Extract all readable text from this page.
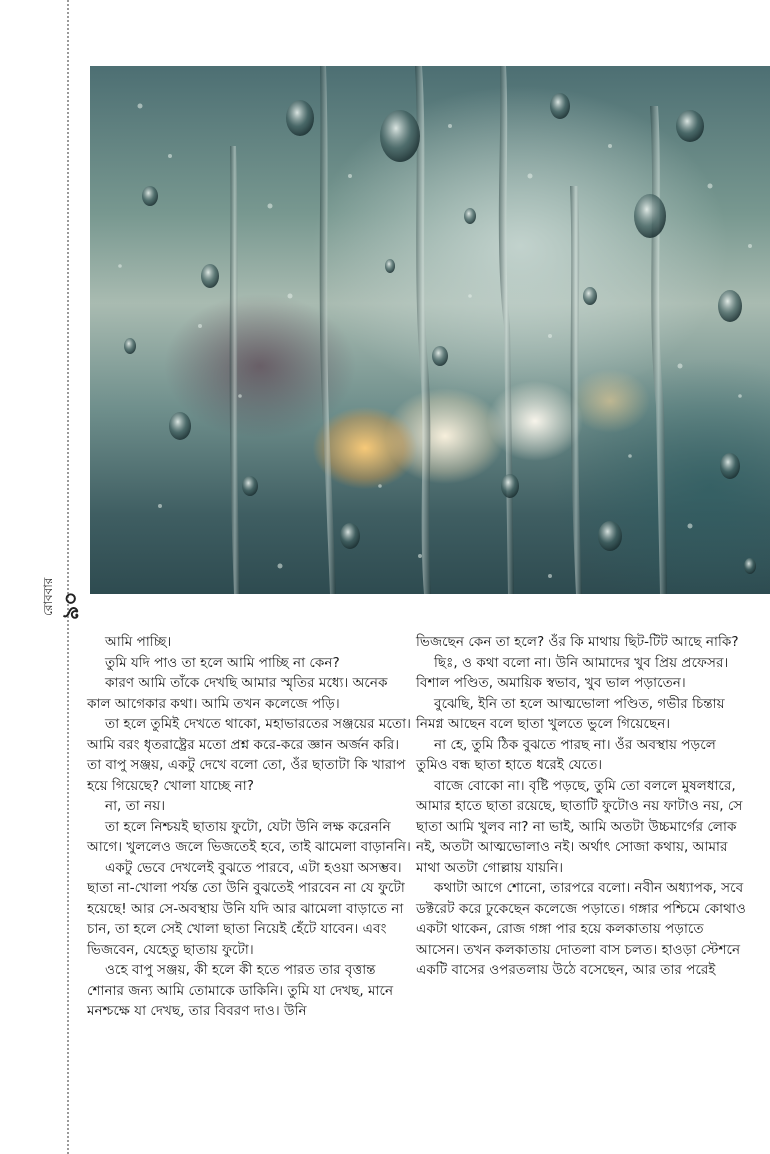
রোববার ৯০

আমি পাচ্ছি।

তুমি যদি পাও তা হলে আমি পাচ্ছি না কেন?

কারণ আমি তাঁকে দেখছি আমার স্মৃতির মধ্যে। অনেক কাল আগেকার কথা। আমি তখন কলেজে পড়ি।

তা হলে তুমিই দেখতে থাকো, মহাভারতের সঞ্জয়ের মতো। আমি বরং ধৃতরাষ্ট্রের মতো প্রশ্ন করে-করে জ্ঞান অর্জন করি। তা বাপু সঞ্জয়, একটু দেখে বলো তো, ওঁর ছাতাটা কি খারাপ হয়ে গিয়েছে? খোলা যাচ্ছে না?

না, তা নয়।

তা হলে নিশ্চয়ই ছাতায় ফুটো, যেটা উনি লক্ষ করেননি আগে। খুললেও জলে ভিজতেই হবে, তাই ঝামেলা বাড়াননি।

একটু ভেবে দেখলেই বুঝতে পারবে, এটা হওয়া অসম্ভব। ছাতা না-খোলা পর্যন্ত তো উনি বুঝতেই পারবেন না যে ফুটো হয়েছে! আর সে-অবস্থায় উনি যদি আর ঝামেলা বাড়াতে না চান, তা হলে সেই খোলা ছাতা নিয়েই হেঁটে যাবেন। এবং ভিজবেন, যেহেতু ছাতায় ফুটো।

ওহে বাপু সঞ্জয়, কী হলে কী হতে পারত তার বৃত্তান্ত শোনার জন্য আমি তোমাকে ডাকিনি। তুমি যা দেখছ, মানে মনশ্চক্ষে যা দেখছ, তার বিবরণ দাও। উনি

ভিজছেন কেন তা হলে? ওঁর কি মাথায় ছিট-টিট আছে নাকি?

ছিঃ, ও কথা বলো না। উনি আমাদের খুব প্রিয় প্রফেসর। বিশাল পণ্ডিত, অমায়িক স্বভাব, খুব ভাল পড়াতেন।

বুঝেছি, ইনি তা হলে আত্মভোলা পণ্ডিত, গভীর চিন্তায় নিমগ্ন আছেন বলে ছাতা খুলতে ভুলে গিয়েছেন।

না হে, তুমি ঠিক বুঝতে পারছ না। ওঁর অবস্থায় পড়লে তুমিও বন্ধ ছাতা হাতে ধরেই যেতে।

বাজে বোকো না। বৃষ্টি পড়ছে, তুমি তো বললে মুষলধারে, আমার হাতে ছাতা রয়েছে, ছাতাটি ফুটোও নয় ফাটাও নয়, সে ছাতা আমি খুলব না? না ভাই, আমি অতটা উচ্চমার্গের লোক নই, অতটা আত্মভোলাও নই। অর্থাৎ সোজা কথায়, আমার মাথা অতটা গোল্লায় যায়নি।

কথাটা আগে শোনো, তারপরে বলো। নবীন অধ্যাপক, সবে ডক্টরেট করে ঢুকেছেন কলেজে পড়াতে। গঙ্গার পশ্চিমে কোথাও একটা থাকেন, রোজ গঙ্গা পার হয়ে কলকাতায় পড়াতে আসেন। তখন কলকাতায় দোতলা বাস চলত। হাওড়া স্টেশনে একটি বাসের ওপরতলায় উঠে বসেছেন, আর তার পরেই
